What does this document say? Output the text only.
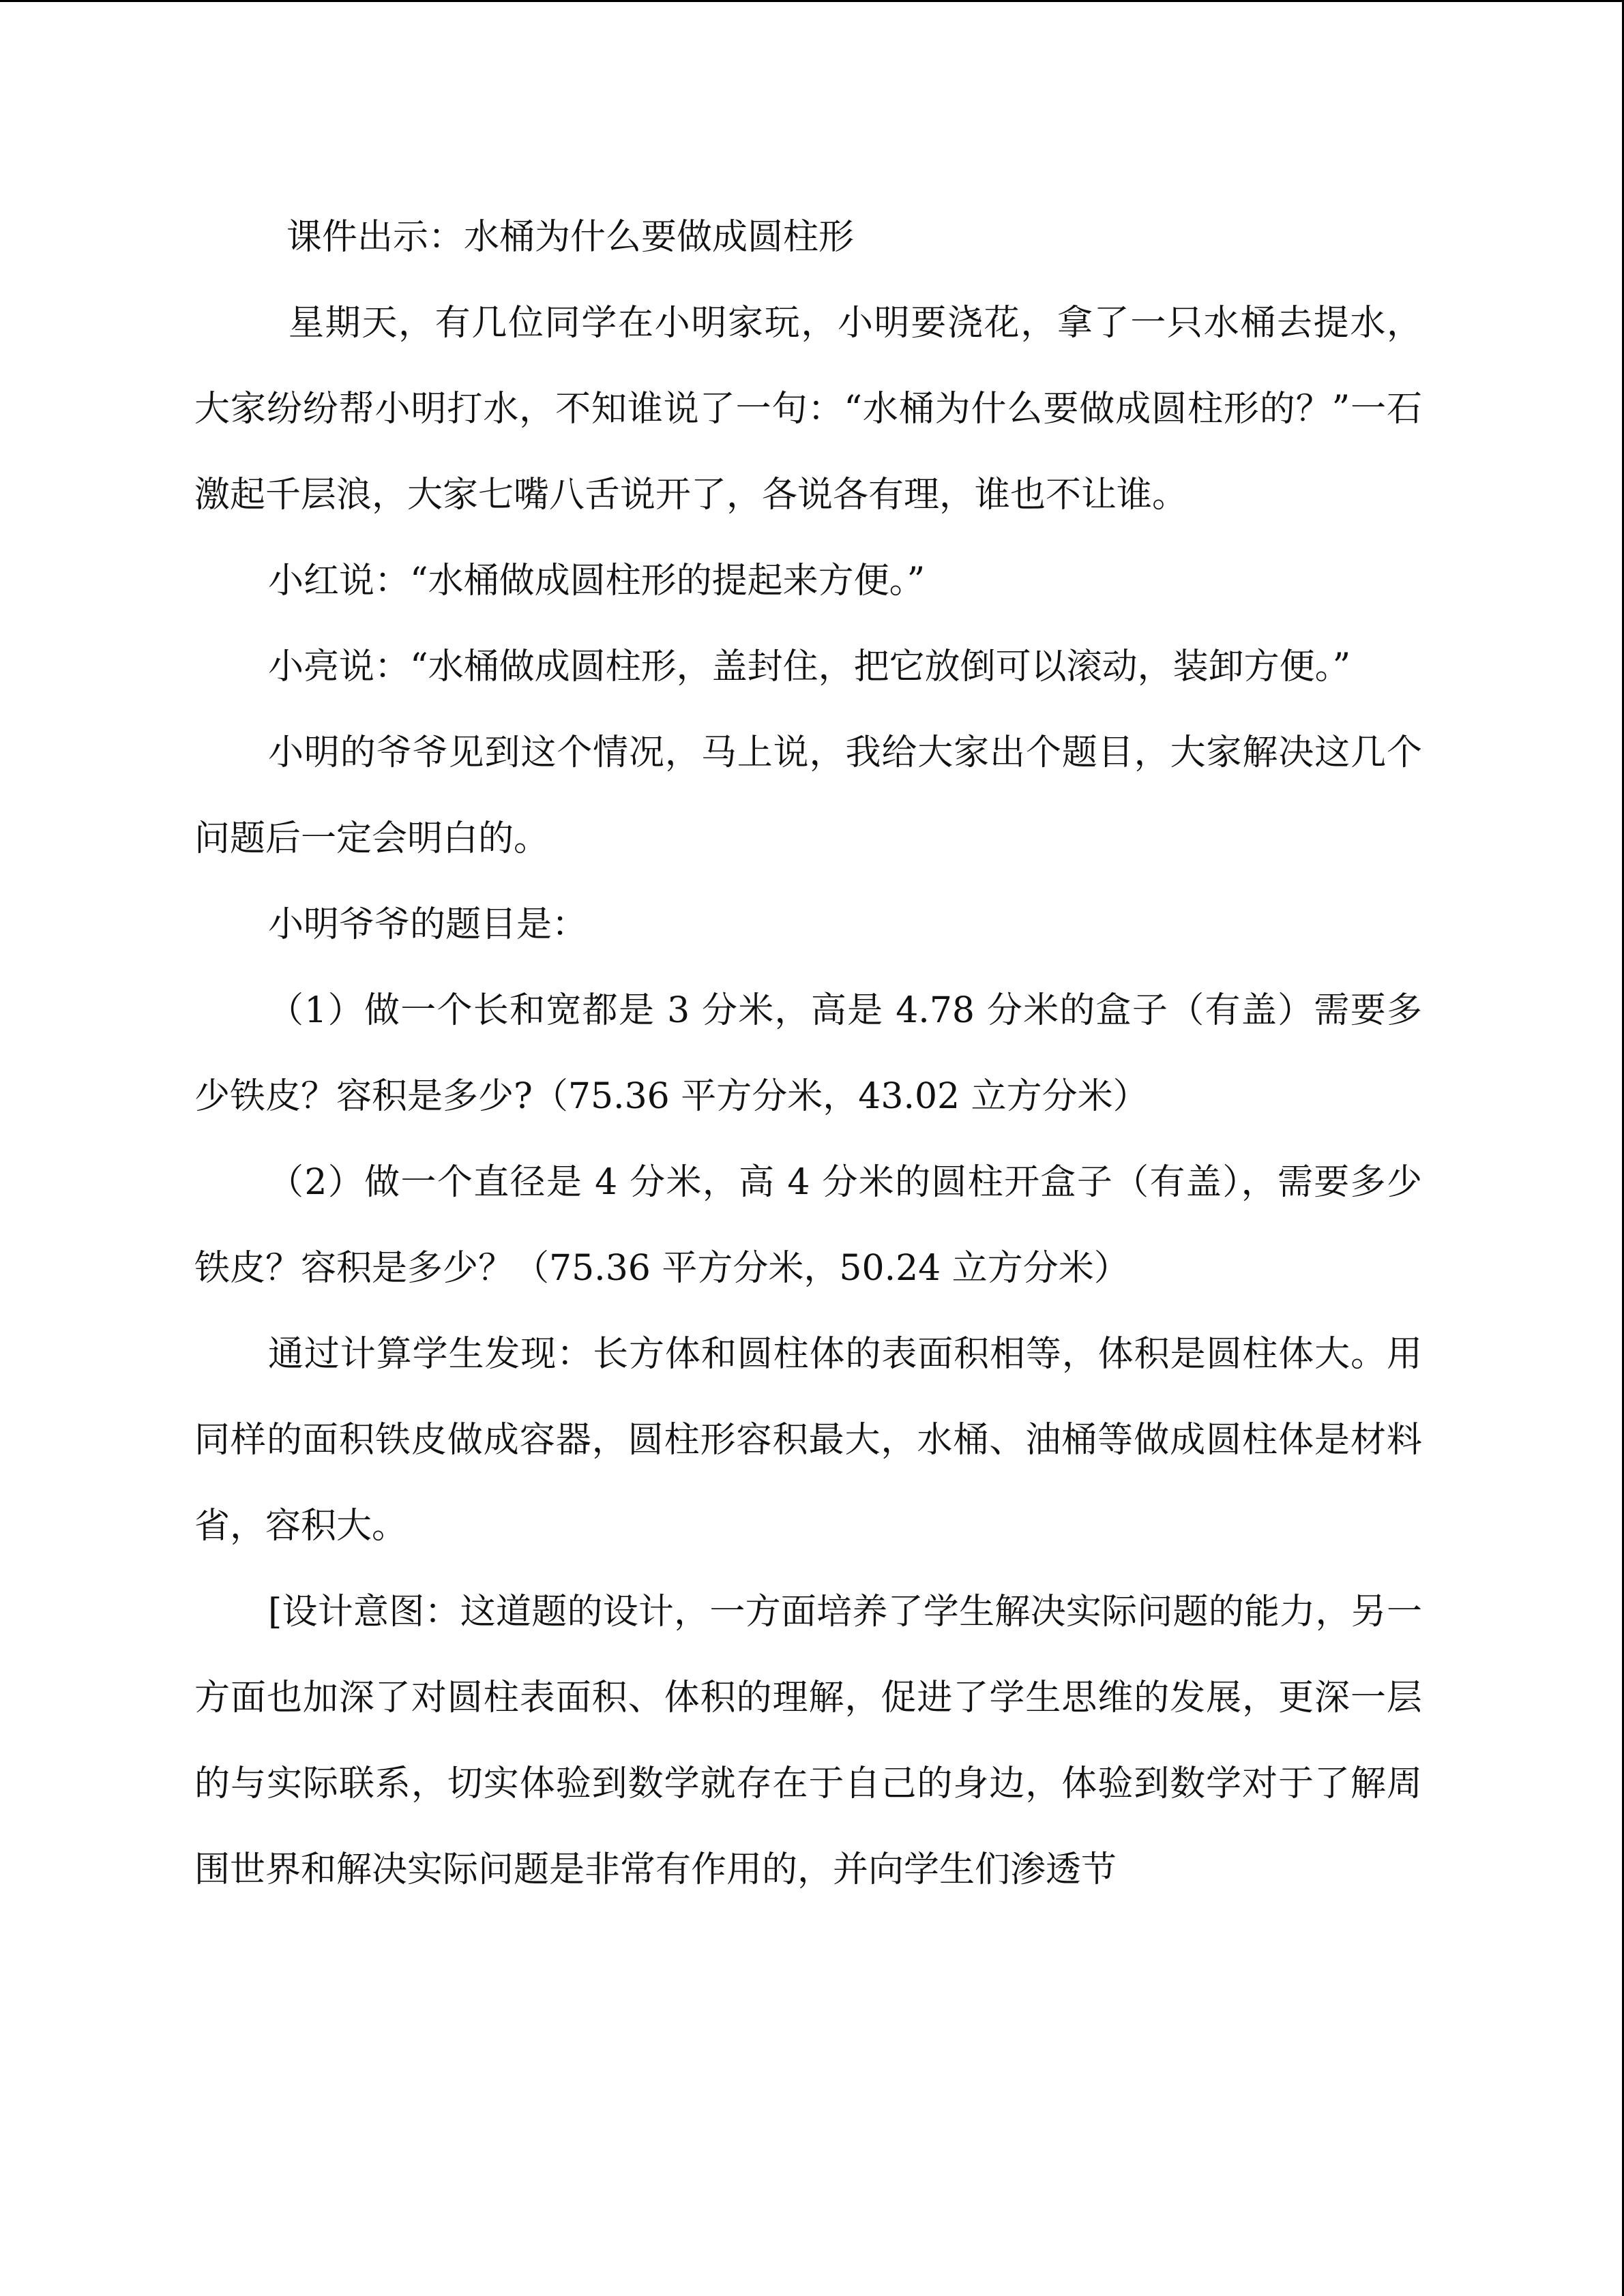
课件出示：水桶为什么要做成圆柱形

星期天，有几位同学在小明家玩，小明要浇花，拿了一只水桶去提水，大家纷纷帮小明打水，不知谁说了一句：“水桶为什么要做成圆柱形的？”一石激起千层浪，大家七嘴八舌说开了，各说各有理，谁也不让谁。

小红说：“水桶做成圆柱形的提起来方便。”

小亮说：“水桶做成圆柱形，盖封住，把它放倒可以滚动，装卸方便。”

小明的爷爷见到这个情况，马上说，我给大家出个题目，大家解决这几个问题后一定会明白的。

小明爷爷的题目是：

（1）做一个长和宽都是 3 分米，高是 4.78 分米的盒子（有盖）需要多少铁皮？容积是多少?（75.36 平方分米，43.02 立方分米）

（2）做一个直径是 4 分米，高 4 分米的圆柱开盒子（有盖），需要多少铁皮？容积是多少？（75.36 平方分米，50.24 立方分米）

通过计算学生发现：长方体和圆柱体的表面积相等，体积是圆柱体大。用同样的面积铁皮做成容器，圆柱形容积最大，水桶、油桶等做成圆柱体是材料省，容积大。

[设计意图：这道题的设计，一方面培养了学生解决实际问题的能力，另一方面也加深了对圆柱表面积、体积的理解，促进了学生思维的发展，更深一层的与实际联系，切实体验到数学就存在于自己的身边，体验到数学对于了解周围世界和解决实际问题是非常有作用的，并向学生们渗透节
